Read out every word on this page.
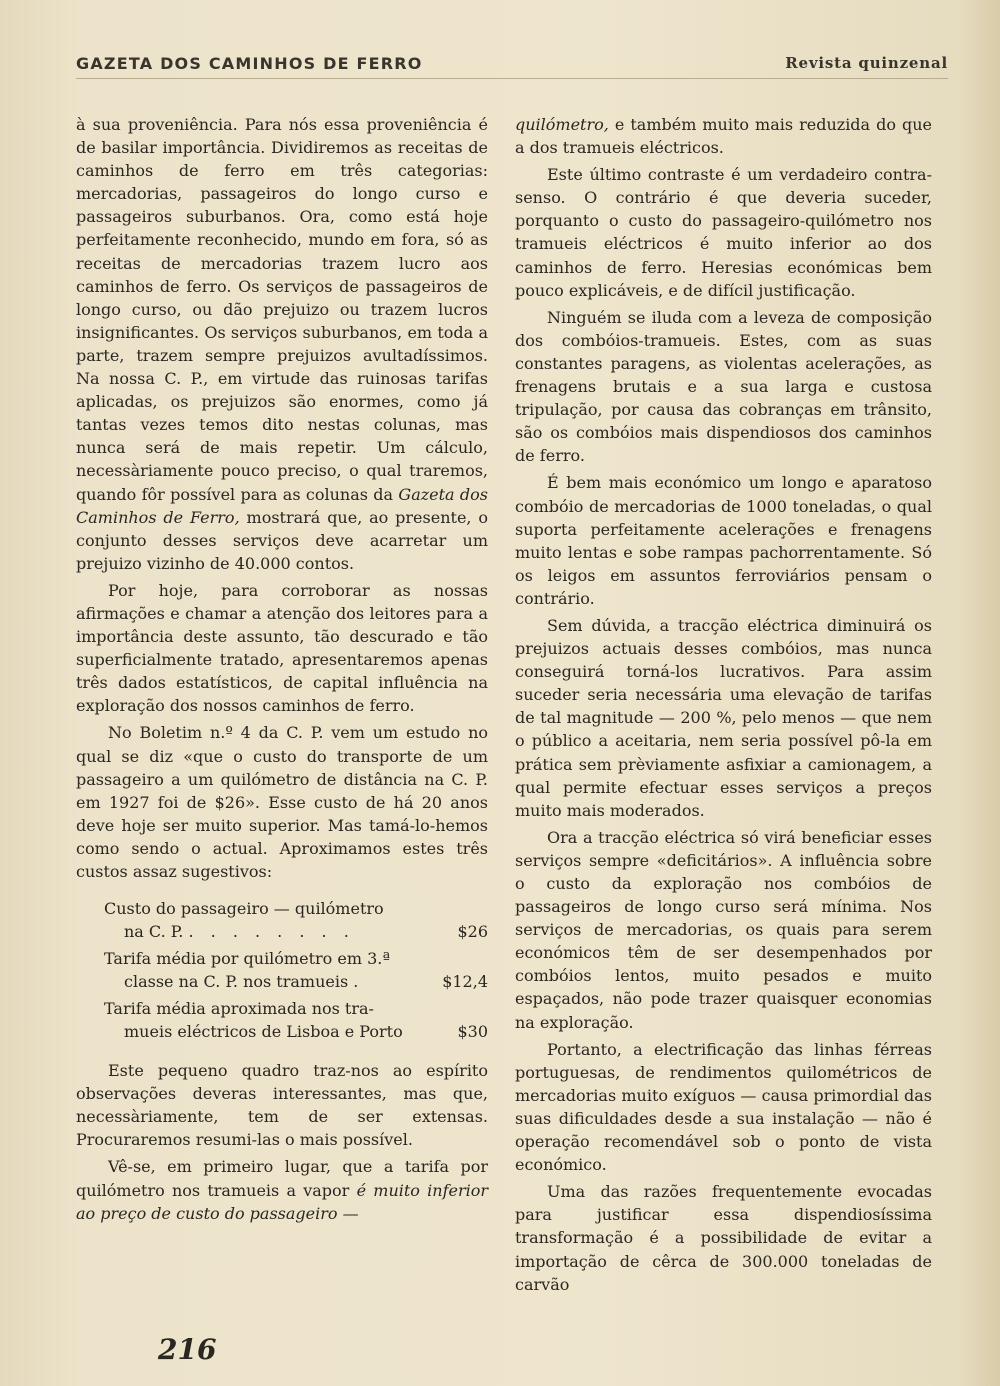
GAZETA DOS CAMINHOS DE FERRO	Revista quinzenal

à sua proveniência. Para nós essa proveniência é de basilar importância. Dividiremos as receitas de caminhos de ferro em três categorias: mercadorias, passageiros do longo curso e passageiros suburbanos. Ora, como está hoje perfeitamente reconhecido, mundo em fora, só as receitas de mercadorias trazem lucro aos caminhos de ferro. Os serviços de passageiros de longo curso, ou dão prejuizo ou trazem lucros insignificantes. Os serviços suburbanos, em toda a parte, trazem sempre prejuizos avultadíssimos. Na nossa C. P., em virtude das ruinosas tarifas aplicadas, os prejuizos são enormes, como já tantas vezes temos dito nestas colunas, mas nunca será de mais repetir. Um cálculo, necessàriamente pouco preciso, o qual traremos, quando fôr possível para as colunas da Gazeta dos Caminhos de Ferro, mostrará que, ao presente, o conjunto desses serviços deve acarretar um prejuizo vizinho de 40.000 contos.

Por hoje, para corroborar as nossas afirmações e chamar a atenção dos leitores para a importância deste assunto, tão descurado e tão superficialmente tratado, apresentaremos apenas três dados estatísticos, de capital influência na exploração dos nossos caminhos de ferro.

No Boletim n.º 4 da C. P. vem um estudo no qual se diz «que o custo do transporte de um passageiro a um quilómetro de distância na C. P. em 1927 foi de $26». Esse custo de há 20 anos deve hoje ser muito superior. Mas tamá-lo-hemos como sendo o actual. Aproximamos estes três custos assaz sugestivos:

Custo do passageiro — quilómetro
na C. P. . . . . . . . .	$26
Tarifa média por quilómetro em 3.ª
classe na C. P. nos tramueis .	$12,4
Tarifa média aproximada nos tra-
mueis eléctricos de Lisboa e Porto	$30

Este pequeno quadro traz-nos ao espírito observações deveras interessantes, mas que, necessàriamente, tem de ser extensas. Procuraremos resumi-las o mais possível.

Vê-se, em primeiro lugar, que a tarifa por quilómetro nos tramueis a vapor é muito inferior ao preço de custo do passageiro —

quilómetro, e também muito mais reduzida do que a dos tramueis eléctricos.

Este último contraste é um verdadeiro contra-senso. O contrário é que deveria suceder, porquanto o custo do passageiro-quilómetro nos tramueis eléctricos é muito inferior ao dos caminhos de ferro. Heresias económicas bem pouco explicáveis, e de difícil justificação.

Ninguém se iluda com a leveza de composição dos combóios-tramueis. Estes, com as suas constantes paragens, as violentas acelerações, as frenagens brutais e a sua larga e custosa tripulação, por causa das cobranças em trânsito, são os combóios mais dispendiosos dos caminhos de ferro.

É bem mais económico um longo e aparatoso combóio de mercadorias de 1000 toneladas, o qual suporta perfeitamente acelerações e frenagens muito lentas e sobe rampas pachorrentamente. Só os leigos em assuntos ferroviários pensam o contrário.

Sem dúvida, a tracção eléctrica diminuirá os prejuizos actuais desses combóios, mas nunca conseguirá torná-los lucrativos. Para assim suceder seria necessária uma elevação de tarifas de tal magnitude — 200 %, pelo menos — que nem o público a aceitaria, nem seria possível pô-la em prática sem prèviamente asfixiar a camionagem, a qual permite efectuar esses serviços a preços muito mais moderados.

Ora a tracção eléctrica só virá beneficiar esses serviços sempre «deficitários». A influência sobre o custo da exploração nos combóios de passageiros de longo curso será mínima. Nos serviços de mercadorias, os quais para serem económicos têm de ser desempenhados por combóios lentos, muito pesados e muito espaçados, não pode trazer quaisquer economias na exploração.

Portanto, a electrificação das linhas férreas portuguesas, de rendimentos quilométricos de mercadorias muito exíguos — causa primordial das suas dificuldades desde a sua instalação — não é operação recomendável sob o ponto de vista económico.

Uma das razões frequentemente evocadas para justificar essa dispendiosíssima transformação é a possibilidade de evitar a importação de cêrca de 300.000 toneladas de carvão

216
